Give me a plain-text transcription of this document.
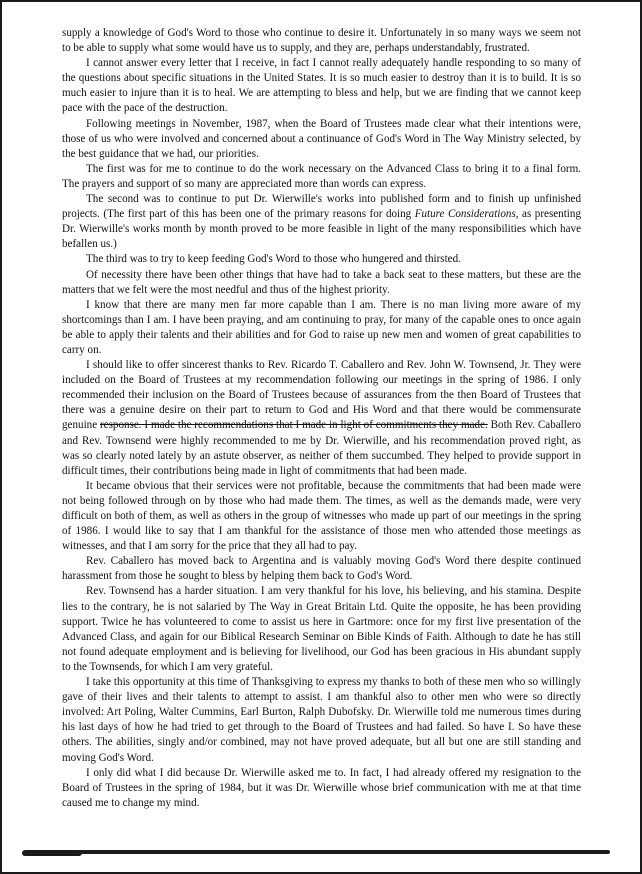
supply a knowledge of God's Word to those who continue to desire it. Unfortunately in so many ways we seem not to be able to supply what some would have us to supply, and they are, perhaps understandably, frustrated.

I cannot answer every letter that I receive, in fact I cannot really adequately handle responding to so many of the questions about specific situations in the United States. It is so much easier to destroy than it is to build. It is so much easier to injure than it is to heal. We are attempting to bless and help, but we are finding that we cannot keep pace with the pace of the destruction.

Following meetings in November, 1987, when the Board of Trustees made clear what their intentions were, those of us who were involved and concerned about a continuance of God's Word in The Way Ministry selected, by the best guidance that we had, our priorities.

The first was for me to continue to do the work necessary on the Advanced Class to bring it to a final form. The prayers and support of so many are appreciated more than words can express.

The second was to continue to put Dr. Wierwille's works into published form and to finish up unfinished projects. (The first part of this has been one of the primary reasons for doing Future Considerations, as presenting Dr. Wierwille's works month by month proved to be more feasible in light of the many responsibilities which have befallen us.)

The third was to try to keep feeding God's Word to those who hungered and thirsted.

Of necessity there have been other things that have had to take a back seat to these matters, but these are the matters that we felt were the most needful and thus of the highest priority.

I know that there are many men far more capable than I am. There is no man living more aware of my shortcomings than I am. I have been praying, and am continuing to pray, for many of the capable ones to once again be able to apply their talents and their abilities and for God to raise up new men and women of great capabilities to carry on.

I should like to offer sincerest thanks to Rev. Ricardo T. Caballero and Rev. John W. Townsend, Jr. They were included on the Board of Trustees at my recommendation following our meetings in the spring of 1986. I only recommended their inclusion on the Board of Trustees because of assurances from the then Board of Trustees that there was a genuine desire on their part to return to God and His Word and that there would be commensurate genuine response. I made the recommendations that I made in light of commitments they made. Both Rev. Caballero and Rev. Townsend were highly recommended to me by Dr. Wierwille, and his recommendation proved right, as was so clearly noted lately by an astute observer, as neither of them succumbed. They helped to provide support in difficult times, their contributions being made in light of commitments that had been made.

It became obvious that their services were not profitable, because the commitments that had been made were not being followed through on by those who had made them. The times, as well as the demands made, were very difficult on both of them, as well as others in the group of witnesses who made up part of our meetings in the spring of 1986. I would like to say that I am thankful for the assistance of those men who attended those meetings as witnesses, and that I am sorry for the price that they all had to pay.

Rev. Caballero has moved back to Argentina and is valuably moving God's Word there despite continued harassment from those he sought to bless by helping them back to God's Word.

Rev. Townsend has a harder situation. I am very thankful for his love, his believing, and his stamina. Despite lies to the contrary, he is not salaried by The Way in Great Britain Ltd. Quite the opposite, he has been providing support. Twice he has volunteered to come to assist us here in Gartmore: once for my first live presentation of the Advanced Class, and again for our Biblical Research Seminar on Bible Kinds of Faith. Although to date he has still not found adequate employment and is believing for livelihood, our God has been gracious in His abundant supply to the Townsends, for which I am very grateful.

I take this opportunity at this time of Thanksgiving to express my thanks to both of these men who so willingly gave of their lives and their talents to attempt to assist. I am thankful also to other men who were so directly involved: Art Poling, Walter Cummins, Earl Burton, Ralph Dubofsky. Dr. Wierwille told me numerous times during his last days of how he had tried to get through to the Board of Trustees and had failed. So have I. So have these others. The abilities, singly and/or combined, may not have proved adequate, but all but one are still standing and moving God's Word.

I only did what I did because Dr. Wierwille asked me to. In fact, I had already offered my resignation to the Board of Trustees in the spring of 1984, but it was Dr. Wierwille whose brief communication with me at that time caused me to change my mind.
